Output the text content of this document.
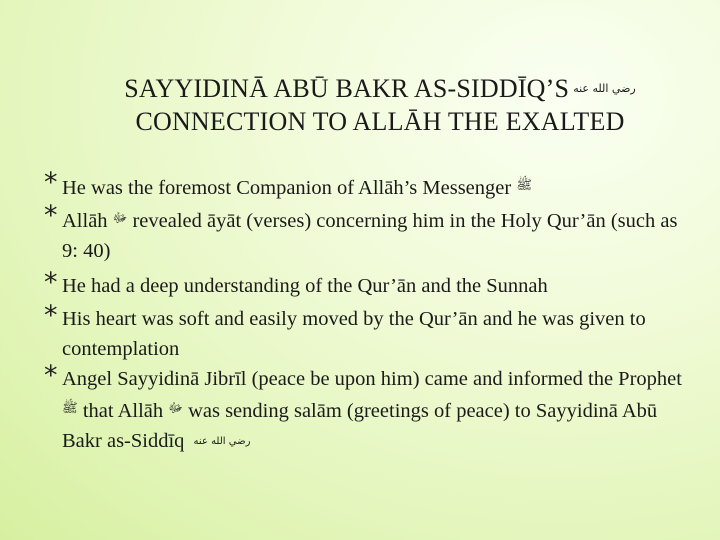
SAYYIDINĀ ABŪ BAKR AS-SIDDĪQ’S رضي الله عنه
CONNECTION TO ALLĀH THE EXALTED
* He was the foremost Companion of Allāh’s Messenger $^ﷺ$
* Allāh $^ﷻ$ revealed āyāt (verses) concerning him in the Holy Qur’ān (such as 9: 40)
* He had a deep understanding of the Qur’ān and the Sunnah
* His heart was soft and easily moved by the Qur’ān and he was given to contemplation
* Angel Sayyidinā Jibrīl (peace be upon him) came and informed the Prophet $^ﷺ$ that Allāh $^ﷻ$ was sending salām (greetings of peace) to Sayyidinā Abū Bakr as-Siddīq رضي الله عنه
